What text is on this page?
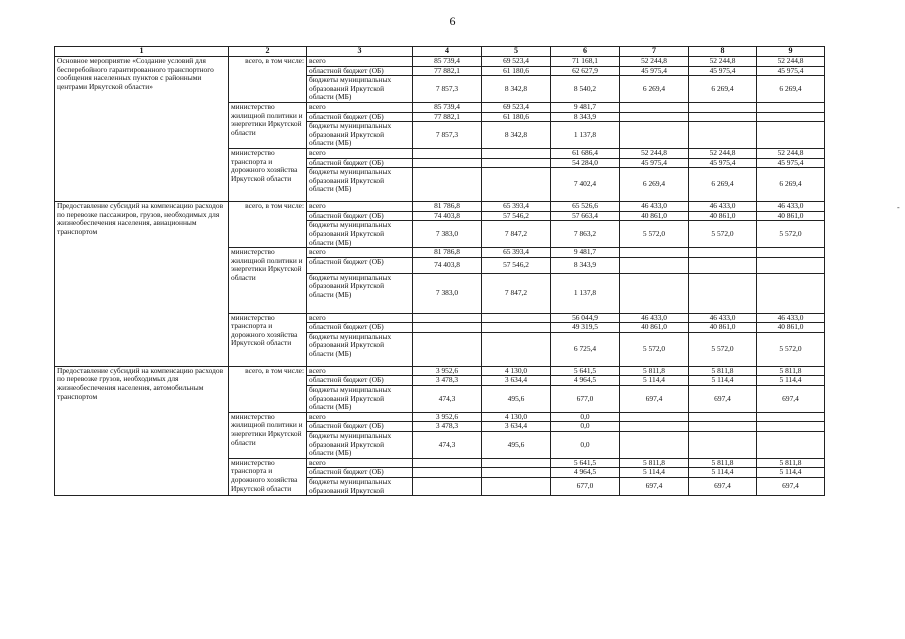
6
-
1	2	3	4	5	6	7	8	9
Основное мероприятие «Создание условий для бесперебойного гарантированного транспортного сообщения населенных пунктов с районными центрами Иркутской области»	всего, в том числе:	всего	85 739,4	69 523,4	71 168,1	52 244,8	52 244,8	52 244,8
		областной бюджет (ОБ)	77 882,1	61 180,6	62 627,9	45 975,4	45 975,4	45 975,4
		бюджеты муниципальных образований Иркутской области (МБ)	7 857,3	8 342,8	8 540,2	6 269,4	6 269,4	6 269,4
	министерство жилищной политики и энергетики Иркутской области	всего	85 739,4	69 523,4	9 481,7			
		областной бюджет (ОБ)	77 882,1	61 180,6	8 343,9			
		бюджеты муниципальных образований Иркутской области (МБ)	7 857,3	8 342,8	1 137,8			
	министерство транспорта и дорожного хозяйства Иркутской области	всего			61 686,4	52 244,8	52 244,8	52 244,8
		областной бюджет (ОБ)			54 284,0	45 975,4	45 975,4	45 975,4
		бюджеты муниципальных образований Иркутской области (МБ)			7 402,4	6 269,4	6 269,4	6 269,4
Предоставление субсидий на компенсацию расходов по перевозке пассажиров, грузов, необходимых для жизнеобеспечения населения, авиационным транспортом	всего, в том числе:	всего	81 786,8	65 393,4	65 526,6	46 433,0	46 433,0	46 433,0
		областной бюджет (ОБ)	74 403,8	57 546,2	57 663,4	40 861,0	40 861,0	40 861,0
		бюджеты муниципальных образований Иркутской области (МБ)	7 383,0	7 847,2	7 863,2	5 572,0	5 572,0	5 572,0
	министерство жилищной политики и энергетики Иркутской области	всего	81 786,8	65 393,4	9 481,7			
		областной бюджет (ОБ)	74 403,8	57 546,2	8 343,9			
		бюджеты муниципальных образований Иркутской области (МБ)	7 383,0	7 847,2	1 137,8			
	министерство транспорта и дорожного хозяйства Иркутской области	всего			56 044,9	46 433,0	46 433,0	46 433,0
		областной бюджет (ОБ)			49 319,5	40 861,0	40 861,0	40 861,0
		бюджеты муниципальных образований Иркутской области (МБ)			6 725,4	5 572,0	5 572,0	5 572,0
Предоставление субсидий на компенсацию расходов по перевозке грузов, необходимых для жизнеобеспечения населения, автомобильным транспортом	всего, в том числе:	всего	3 952,6	4 130,0	5 641,5	5 811,8	5 811,8	5 811,8
		областной бюджет (ОБ)	3 478,3	3 634,4	4 964,5	5 114,4	5 114,4	5 114,4
		бюджеты муниципальных образований Иркутской области (МБ)	474,3	495,6	677,0	697,4	697,4	697,4
	министерство жилищной политики и энергетики Иркутской области	всего	3 952,6	4 130,0	0,0			
		областной бюджет (ОБ)	3 478,3	3 634,4	0,0			
		бюджеты муниципальных образований Иркутской области (МБ)	474,3	495,6	0,0			
	министерство транспорта и дорожного хозяйства Иркутской области	всего			5 641,5	5 811,8	5 811,8	5 811,8
		областной бюджет (ОБ)			4 964,5	5 114,4	5 114,4	5 114,4
		бюджеты муниципальных образований Иркутской			677,0	697,4	697,4	697,4
